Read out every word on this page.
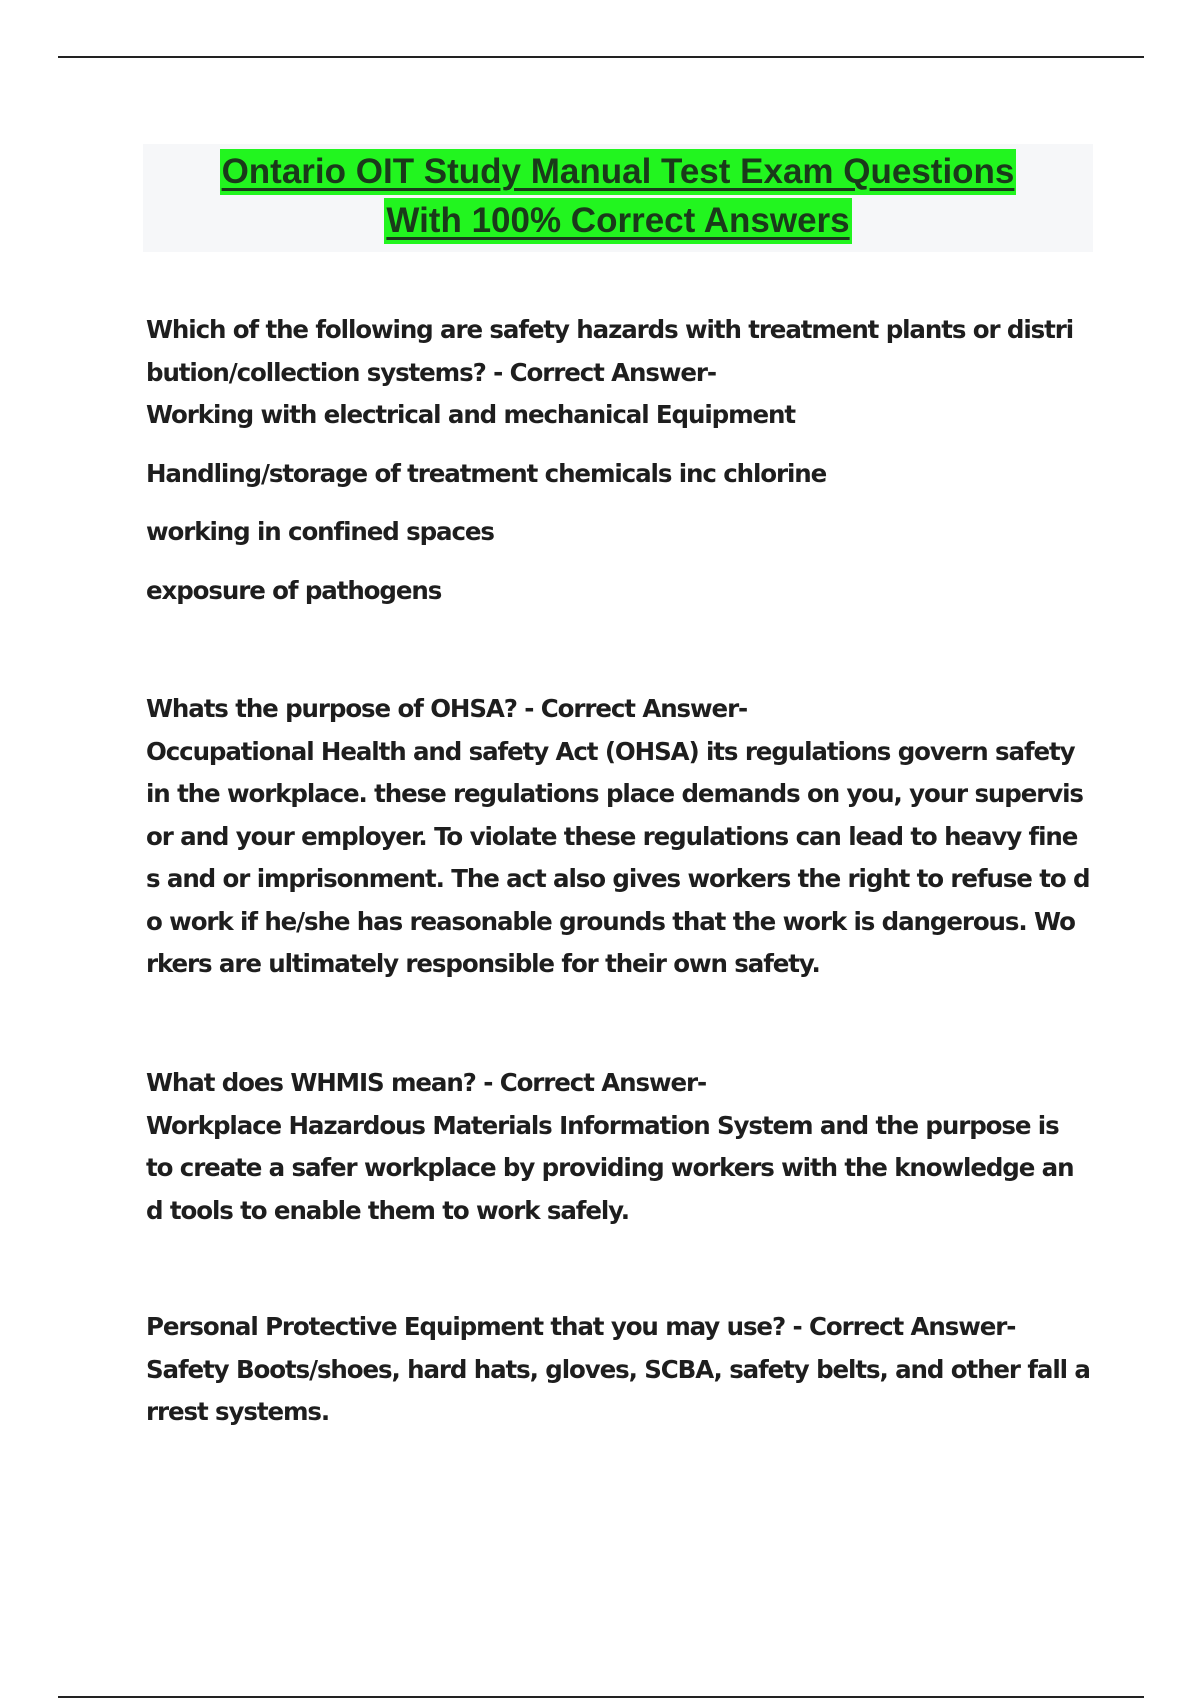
Ontario OIT Study Manual Test Exam Questions
With 100% Correct Answers
Which of the following are safety hazards with treatment plants or distri
bution/collection systems? - Correct Answer-
Working with electrical and mechanical Equipment
Handling/storage of treatment chemicals inc chlorine
working in confined spaces
exposure of pathogens
Whats the purpose of OHSA? - Correct Answer-
Occupational Health and safety Act (OHSA) its regulations govern safety
in the workplace. these regulations place demands on you, your supervis
or and your employer. To violate these regulations can lead to heavy fine
s and or imprisonment. The act also gives workers the right to refuse to d
o work if he/she has reasonable grounds that the work is dangerous. Wo
rkers are ultimately responsible for their own safety.
What does WHMIS mean? - Correct Answer-
Workplace Hazardous Materials Information System and the purpose is
to create a safer workplace by providing workers with the knowledge an
d tools to enable them to work safely.
Personal Protective Equipment that you may use? - Correct Answer-
Safety Boots/shoes, hard hats, gloves, SCBA, safety belts, and other fall a
rrest systems.
